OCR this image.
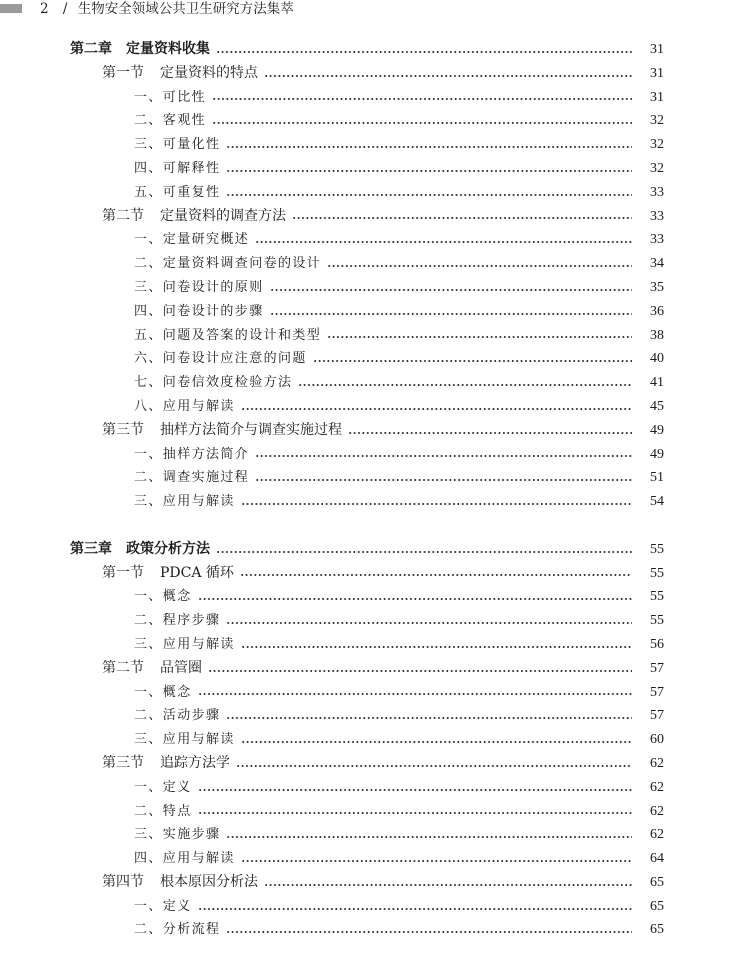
2 / 生物安全领域公共卫生研究方法集萃
第二章 定量资料收集	31
第一节 定量资料的特点	31
一、可比性	31
二、客观性	32
三、可量化性	32
四、可解释性	32
五、可重复性	33
第二节 定量资料的调查方法	33
一、定量研究概述	33
二、定量资料调查问卷的设计	34
三、问卷设计的原则	35
四、问卷设计的步骤	36
五、问题及答案的设计和类型	38
六、问卷设计应注意的问题	40
七、问卷信效度检验方法	41
八、应用与解读	45
第三节 抽样方法简介与调查实施过程	49
一、抽样方法简介	49
二、调查实施过程	51
三、应用与解读	54
第三章 政策分析方法	55
第一节 PDCA 循环	55
一、概念	55
二、程序步骤	55
三、应用与解读	56
第二节 品管圈	57
一、概念	57
二、活动步骤	57
三、应用与解读	60
第三节 追踪方法学	62
一、定义	62
二、特点	62
三、实施步骤	62
四、应用与解读	64
第四节 根本原因分析法	65
一、定义	65
二、分析流程	65
